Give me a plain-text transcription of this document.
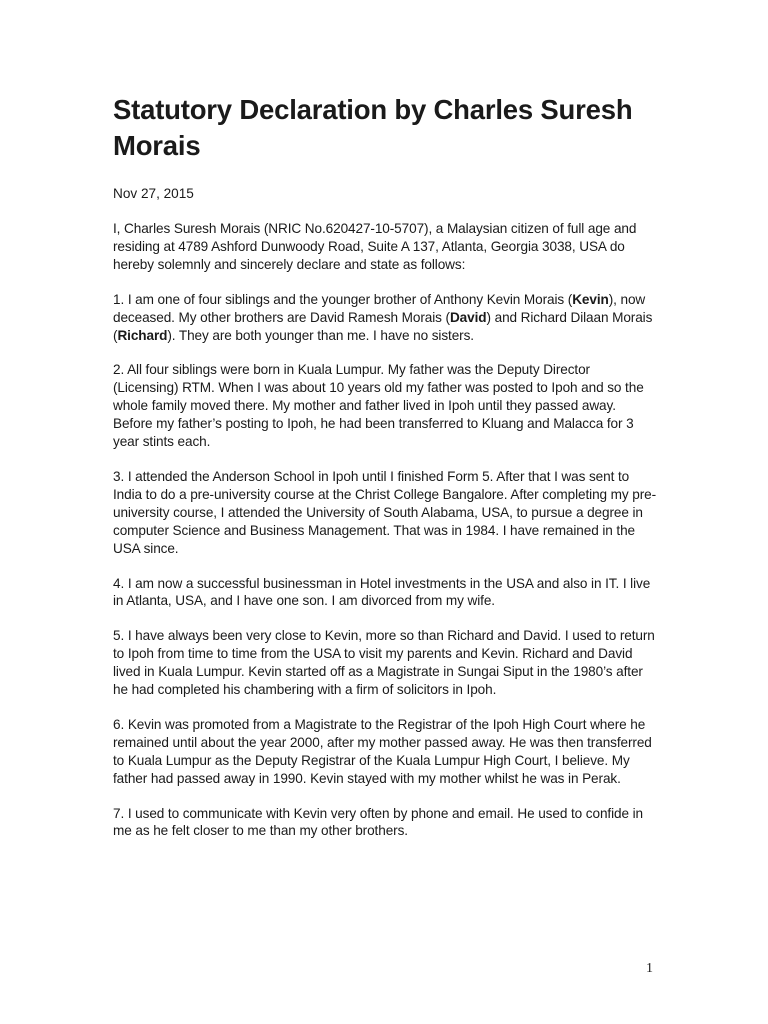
Statutory Declaration by Charles Suresh Morais

Nov 27, 2015

I, Charles Suresh Morais (NRIC No.620427-10-5707), a Malaysian citizen of full age and residing at 4789 Ashford Dunwoody Road, Suite A 137, Atlanta, Georgia 3038, USA do hereby solemnly and sincerely declare and state as follows:

1. I am one of four siblings and the younger brother of Anthony Kevin Morais (Kevin), now deceased. My other brothers are David Ramesh Morais (David) and Richard Dilaan Morais (Richard). They are both younger than me. I have no sisters.

2. All four siblings were born in Kuala Lumpur. My father was the Deputy Director (Licensing) RTM. When I was about 10 years old my father was posted to Ipoh and so the whole family moved there. My mother and father lived in Ipoh until they passed away. Before my father’s posting to Ipoh, he had been transferred to Kluang and Malacca for 3 year stints each.

3. I attended the Anderson School in Ipoh until I finished Form 5. After that I was sent to India to do a pre-university course at the Christ College Bangalore. After completing my pre-university course, I attended the University of South Alabama, USA, to pursue a degree in computer Science and Business Management. That was in 1984. I have remained in the USA since.

4. I am now a successful businessman in Hotel investments in the USA and also in IT. I live in Atlanta, USA, and I have one son. I am divorced from my wife.

5. I have always been very close to Kevin, more so than Richard and David. I used to return to Ipoh from time to time from the USA to visit my parents and Kevin. Richard and David lived in Kuala Lumpur. Kevin started off as a Magistrate in Sungai Siput in the 1980’s after he had completed his chambering with a firm of solicitors in Ipoh.

6. Kevin was promoted from a Magistrate to the Registrar of the Ipoh High Court where he remained until about the year 2000, after my mother passed away. He was then transferred to Kuala Lumpur as the Deputy Registrar of the Kuala Lumpur High Court, I believe. My father had passed away in 1990. Kevin stayed with my mother whilst he was in Perak.

7. I used to communicate with Kevin very often by phone and email. He used to confide in me as he felt closer to me than my other brothers.

1
